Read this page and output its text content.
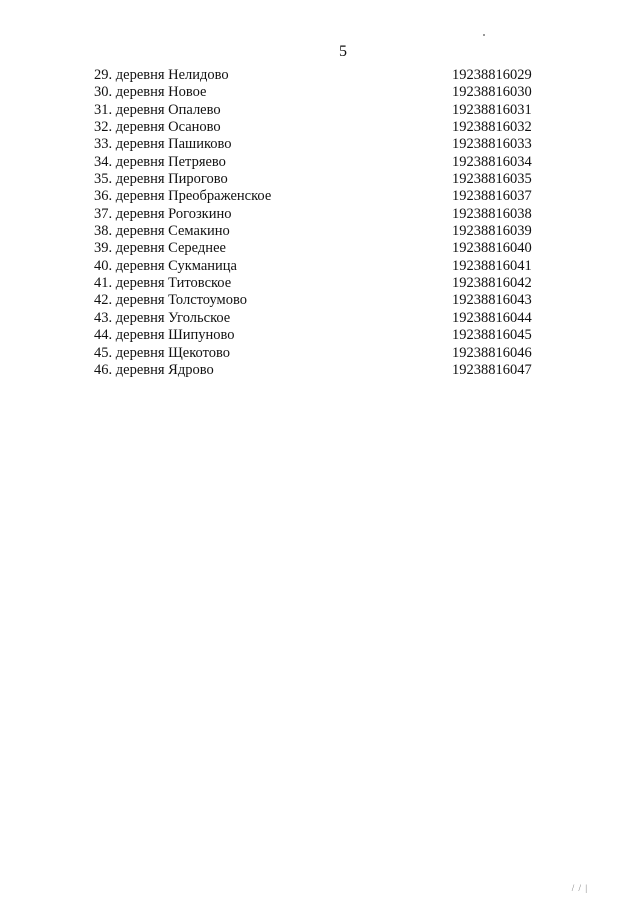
5
29. деревня Нелидово	19238816029
30. деревня Новое	19238816030
31. деревня Опалево	19238816031
32. деревня Осаново	19238816032
33. деревня Пашиково	19238816033
34. деревня Петряево	19238816034
35. деревня Пирогово	19238816035
36. деревня Преображенское	19238816037
37. деревня Рогозкино	19238816038
38. деревня Семакино	19238816039
39. деревня Середнее	19238816040
40. деревня Сукманица	19238816041
41. деревня Титовское	19238816042
42. деревня Толстоумово	19238816043
43. деревня Угольское	19238816044
44. деревня Шипуново	19238816045
45. деревня Щекотово	19238816046
46. деревня Ядрово	19238816047
/ / |
